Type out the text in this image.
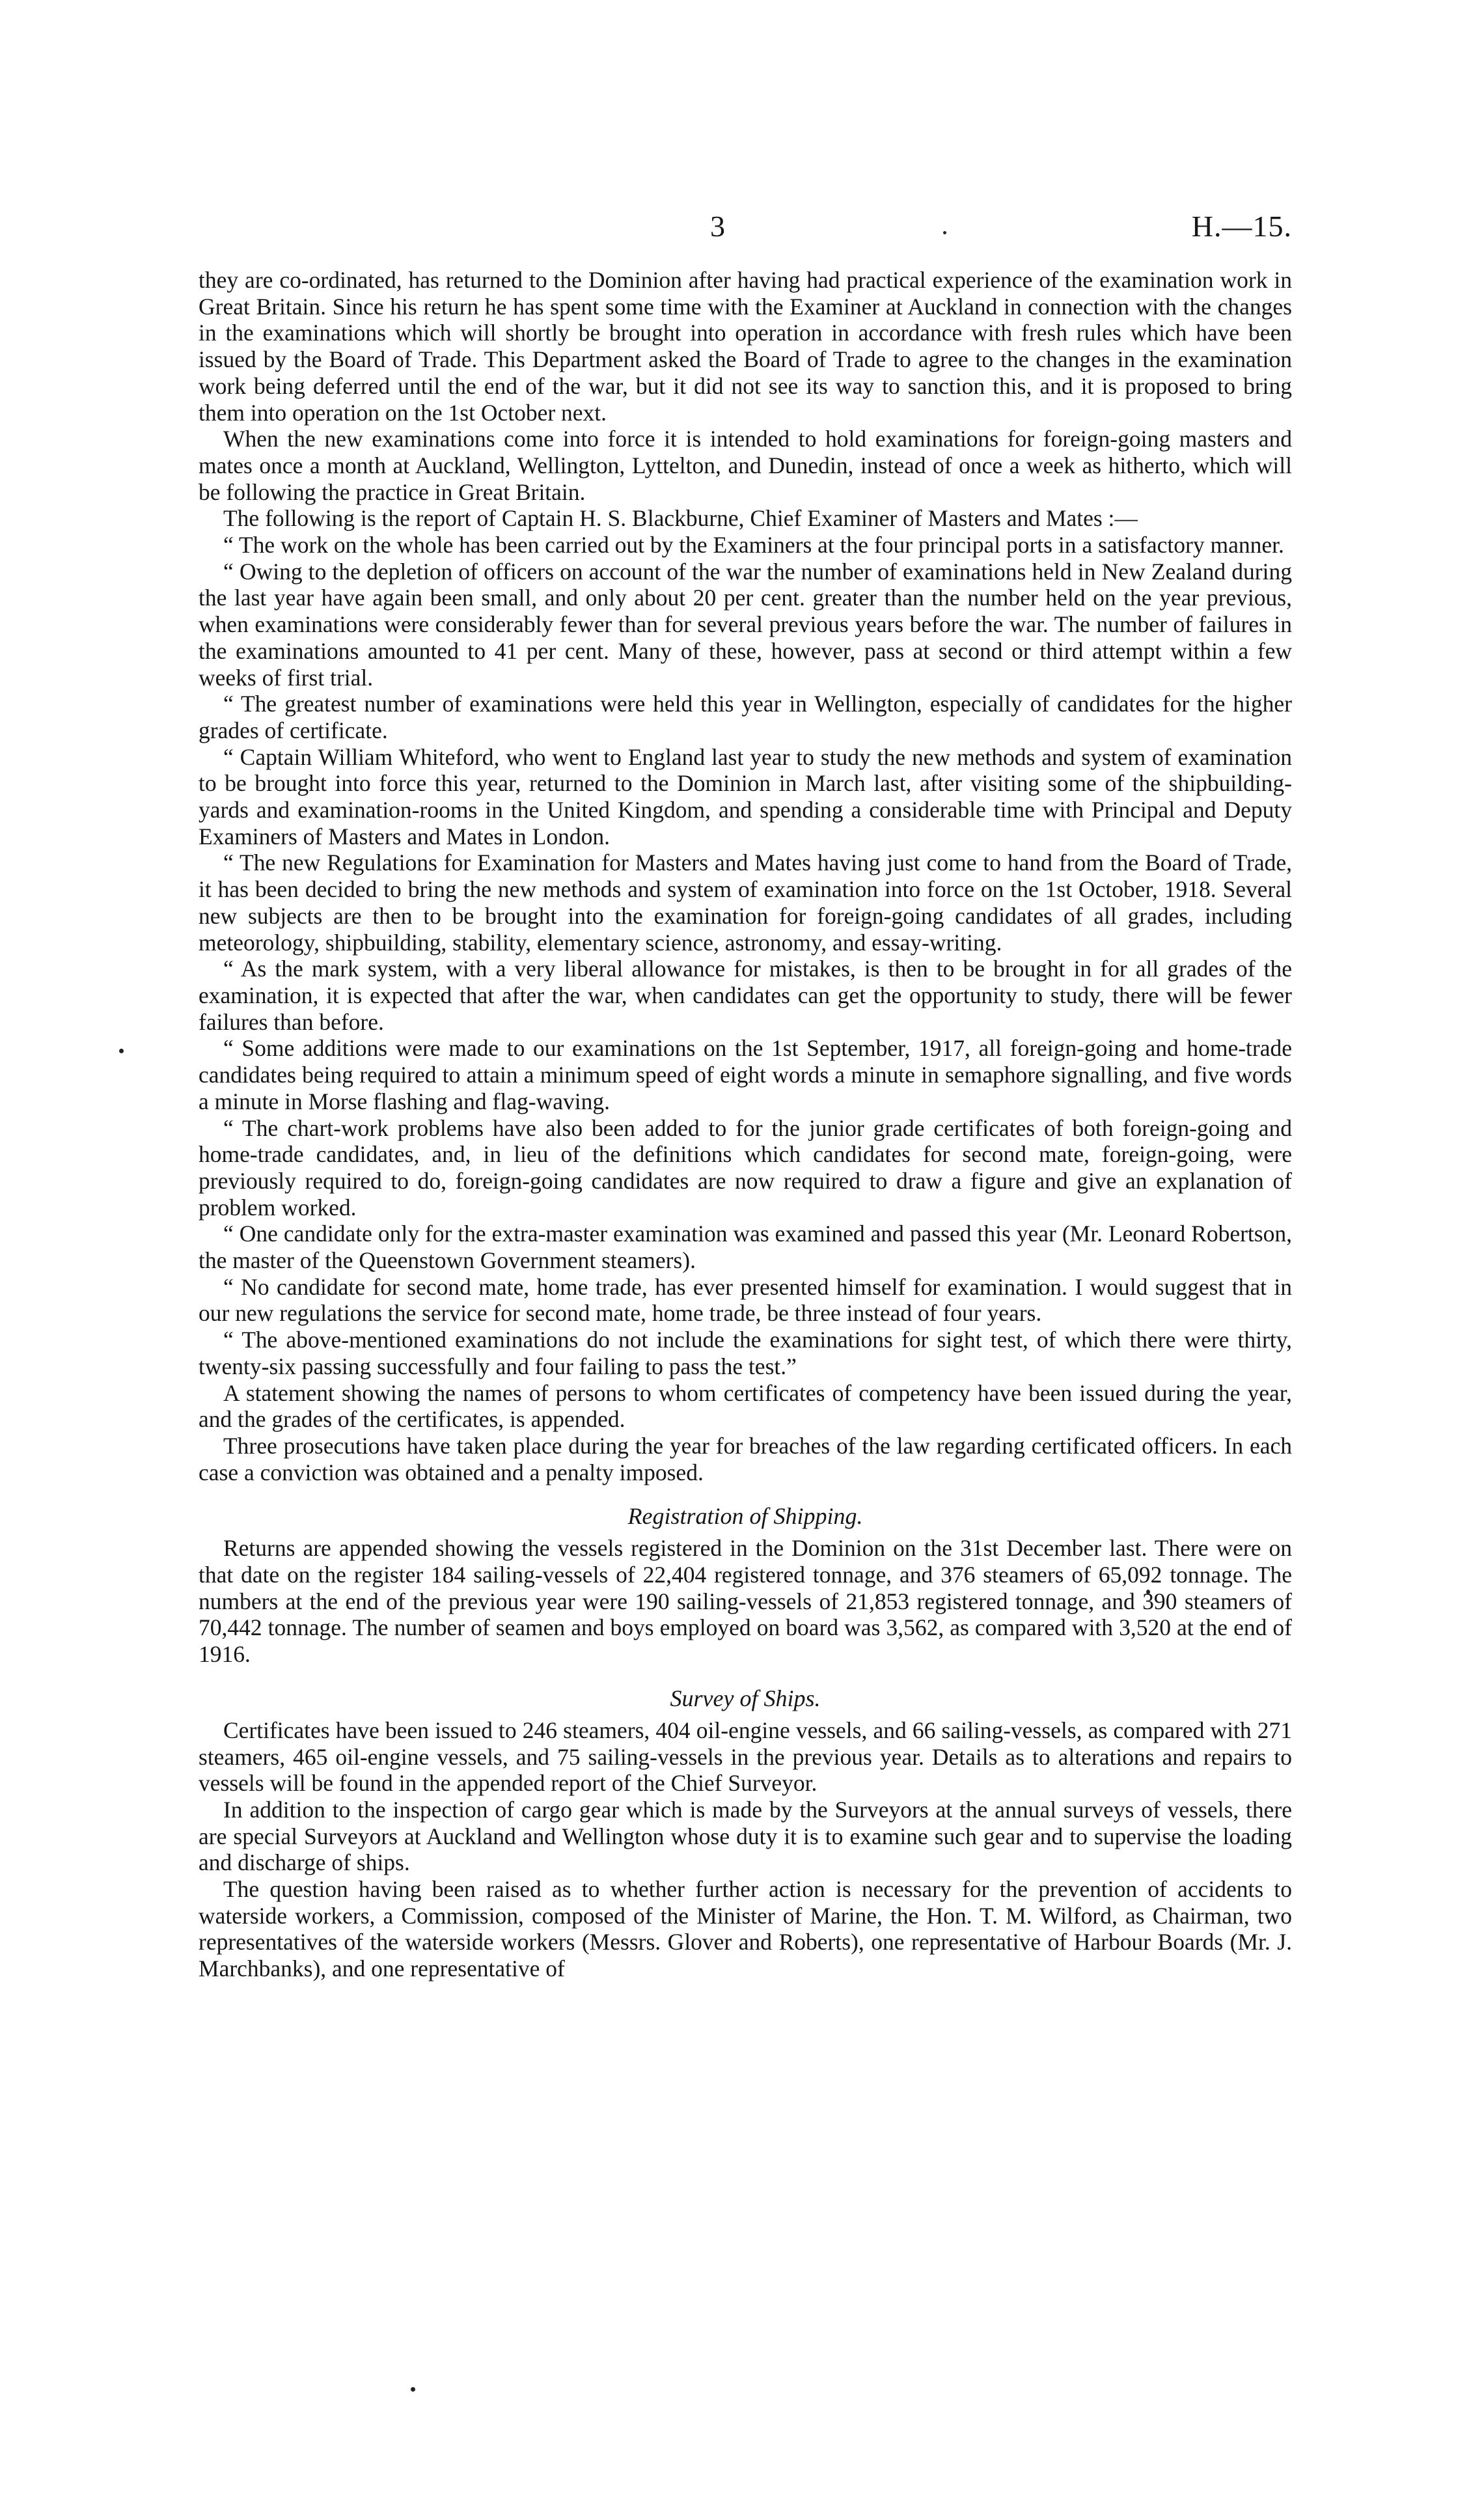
3	H.—15.

they are co-ordinated, has returned to the Dominion after having had practical experience of the examination work in Great Britain. Since his return he has spent some time with the Examiner at Auckland in connection with the changes in the examinations which will shortly be brought into operation in accordance with fresh rules which have been issued by the Board of Trade. This Department asked the Board of Trade to agree to the changes in the examination work being deferred until the end of the war, but it did not see its way to sanction this, and it is proposed to bring them into operation on the 1st October next.

When the new examinations come into force it is intended to hold examinations for foreign-going masters and mates once a month at Auckland, Wellington, Lyttelton, and Dunedin, instead of once a week as hitherto, which will be following the practice in Great Britain.

The following is the report of Captain H. S. Blackburne, Chief Examiner of Masters and Mates :—

“ The work on the whole has been carried out by the Examiners at the four principal ports in a satisfactory manner.

“ Owing to the depletion of officers on account of the war the number of examinations held in New Zealand during the last year have again been small, and only about 20 per cent. greater than the number held on the year previous, when examinations were considerably fewer than for several previous years before the war. The number of failures in the examinations amounted to 41 per cent. Many of these, however, pass at second or third attempt within a few weeks of first trial.

“ The greatest number of examinations were held this year in Wellington, especially of candidates for the higher grades of certificate.

“ Captain William Whiteford, who went to England last year to study the new methods and system of examination to be brought into force this year, returned to the Dominion in March last, after visiting some of the shipbuilding-yards and examination-rooms in the United Kingdom, and spending a considerable time with Principal and Deputy Examiners of Masters and Mates in London.

“ The new Regulations for Examination for Masters and Mates having just come to hand from the Board of Trade, it has been decided to bring the new methods and system of examination into force on the 1st October, 1918. Several new subjects are then to be brought into the examination for foreign-going candidates of all grades, including meteorology, shipbuilding, stability, elementary science, astronomy, and essay-writing.

“ As the mark system, with a very liberal allowance for mistakes, is then to be brought in for all grades of the examination, it is expected that after the war, when candidates can get the opportunity to study, there will be fewer failures than before.

“ Some additions were made to our examinations on the 1st September, 1917, all foreign-going and home-trade candidates being required to attain a minimum speed of eight words a minute in semaphore signalling, and five words a minute in Morse flashing and flag-waving.

“ The chart-work problems have also been added to for the junior grade certificates of both foreign-going and home-trade candidates, and, in lieu of the definitions which candidates for second mate, foreign-going, were previously required to do, foreign-going candidates are now required to draw a figure and give an explanation of problem worked.

“ One candidate only for the extra-master examination was examined and passed this year (Mr. Leonard Robertson, the master of the Queenstown Government steamers).

“ No candidate for second mate, home trade, has ever presented himself for examination. I would suggest that in our new regulations the service for second mate, home trade, be three instead of four years.

“ The above-mentioned examinations do not include the examinations for sight test, of which there were thirty, twenty-six passing successfully and four failing to pass the test.”

A statement showing the names of persons to whom certificates of competency have been issued during the year, and the grades of the certificates, is appended.

Three prosecutions have taken place during the year for breaches of the law regarding certificated officers. In each case a conviction was obtained and a penalty imposed.

Registration of Shipping.

Returns are appended showing the vessels registered in the Dominion on the 31st December last. There were on that date on the register 184 sailing-vessels of 22,404 registered tonnage, and 376 steamers of 65,092 tonnage. The numbers at the end of the previous year were 190 sailing-vessels of 21,853 registered tonnage, and 390 steamers of 70,442 tonnage. The number of seamen and boys employed on board was 3,562, as compared with 3,520 at the end of 1916.

Survey of Ships.

Certificates have been issued to 246 steamers, 404 oil-engine vessels, and 66 sailing-vessels, as compared with 271 steamers, 465 oil-engine vessels, and 75 sailing-vessels in the previous year. Details as to alterations and repairs to vessels will be found in the appended report of the Chief Surveyor.

In addition to the inspection of cargo gear which is made by the Surveyors at the annual surveys of vessels, there are special Surveyors at Auckland and Wellington whose duty it is to examine such gear and to supervise the loading and discharge of ships.

The question having been raised as to whether further action is necessary for the prevention of accidents to waterside workers, a Commission, composed of the Minister of Marine, the Hon. T. M. Wilford, as Chairman, two representatives of the waterside workers (Messrs. Glover and Roberts), one representative of Harbour Boards (Mr. J. Marchbanks), and one representative of
